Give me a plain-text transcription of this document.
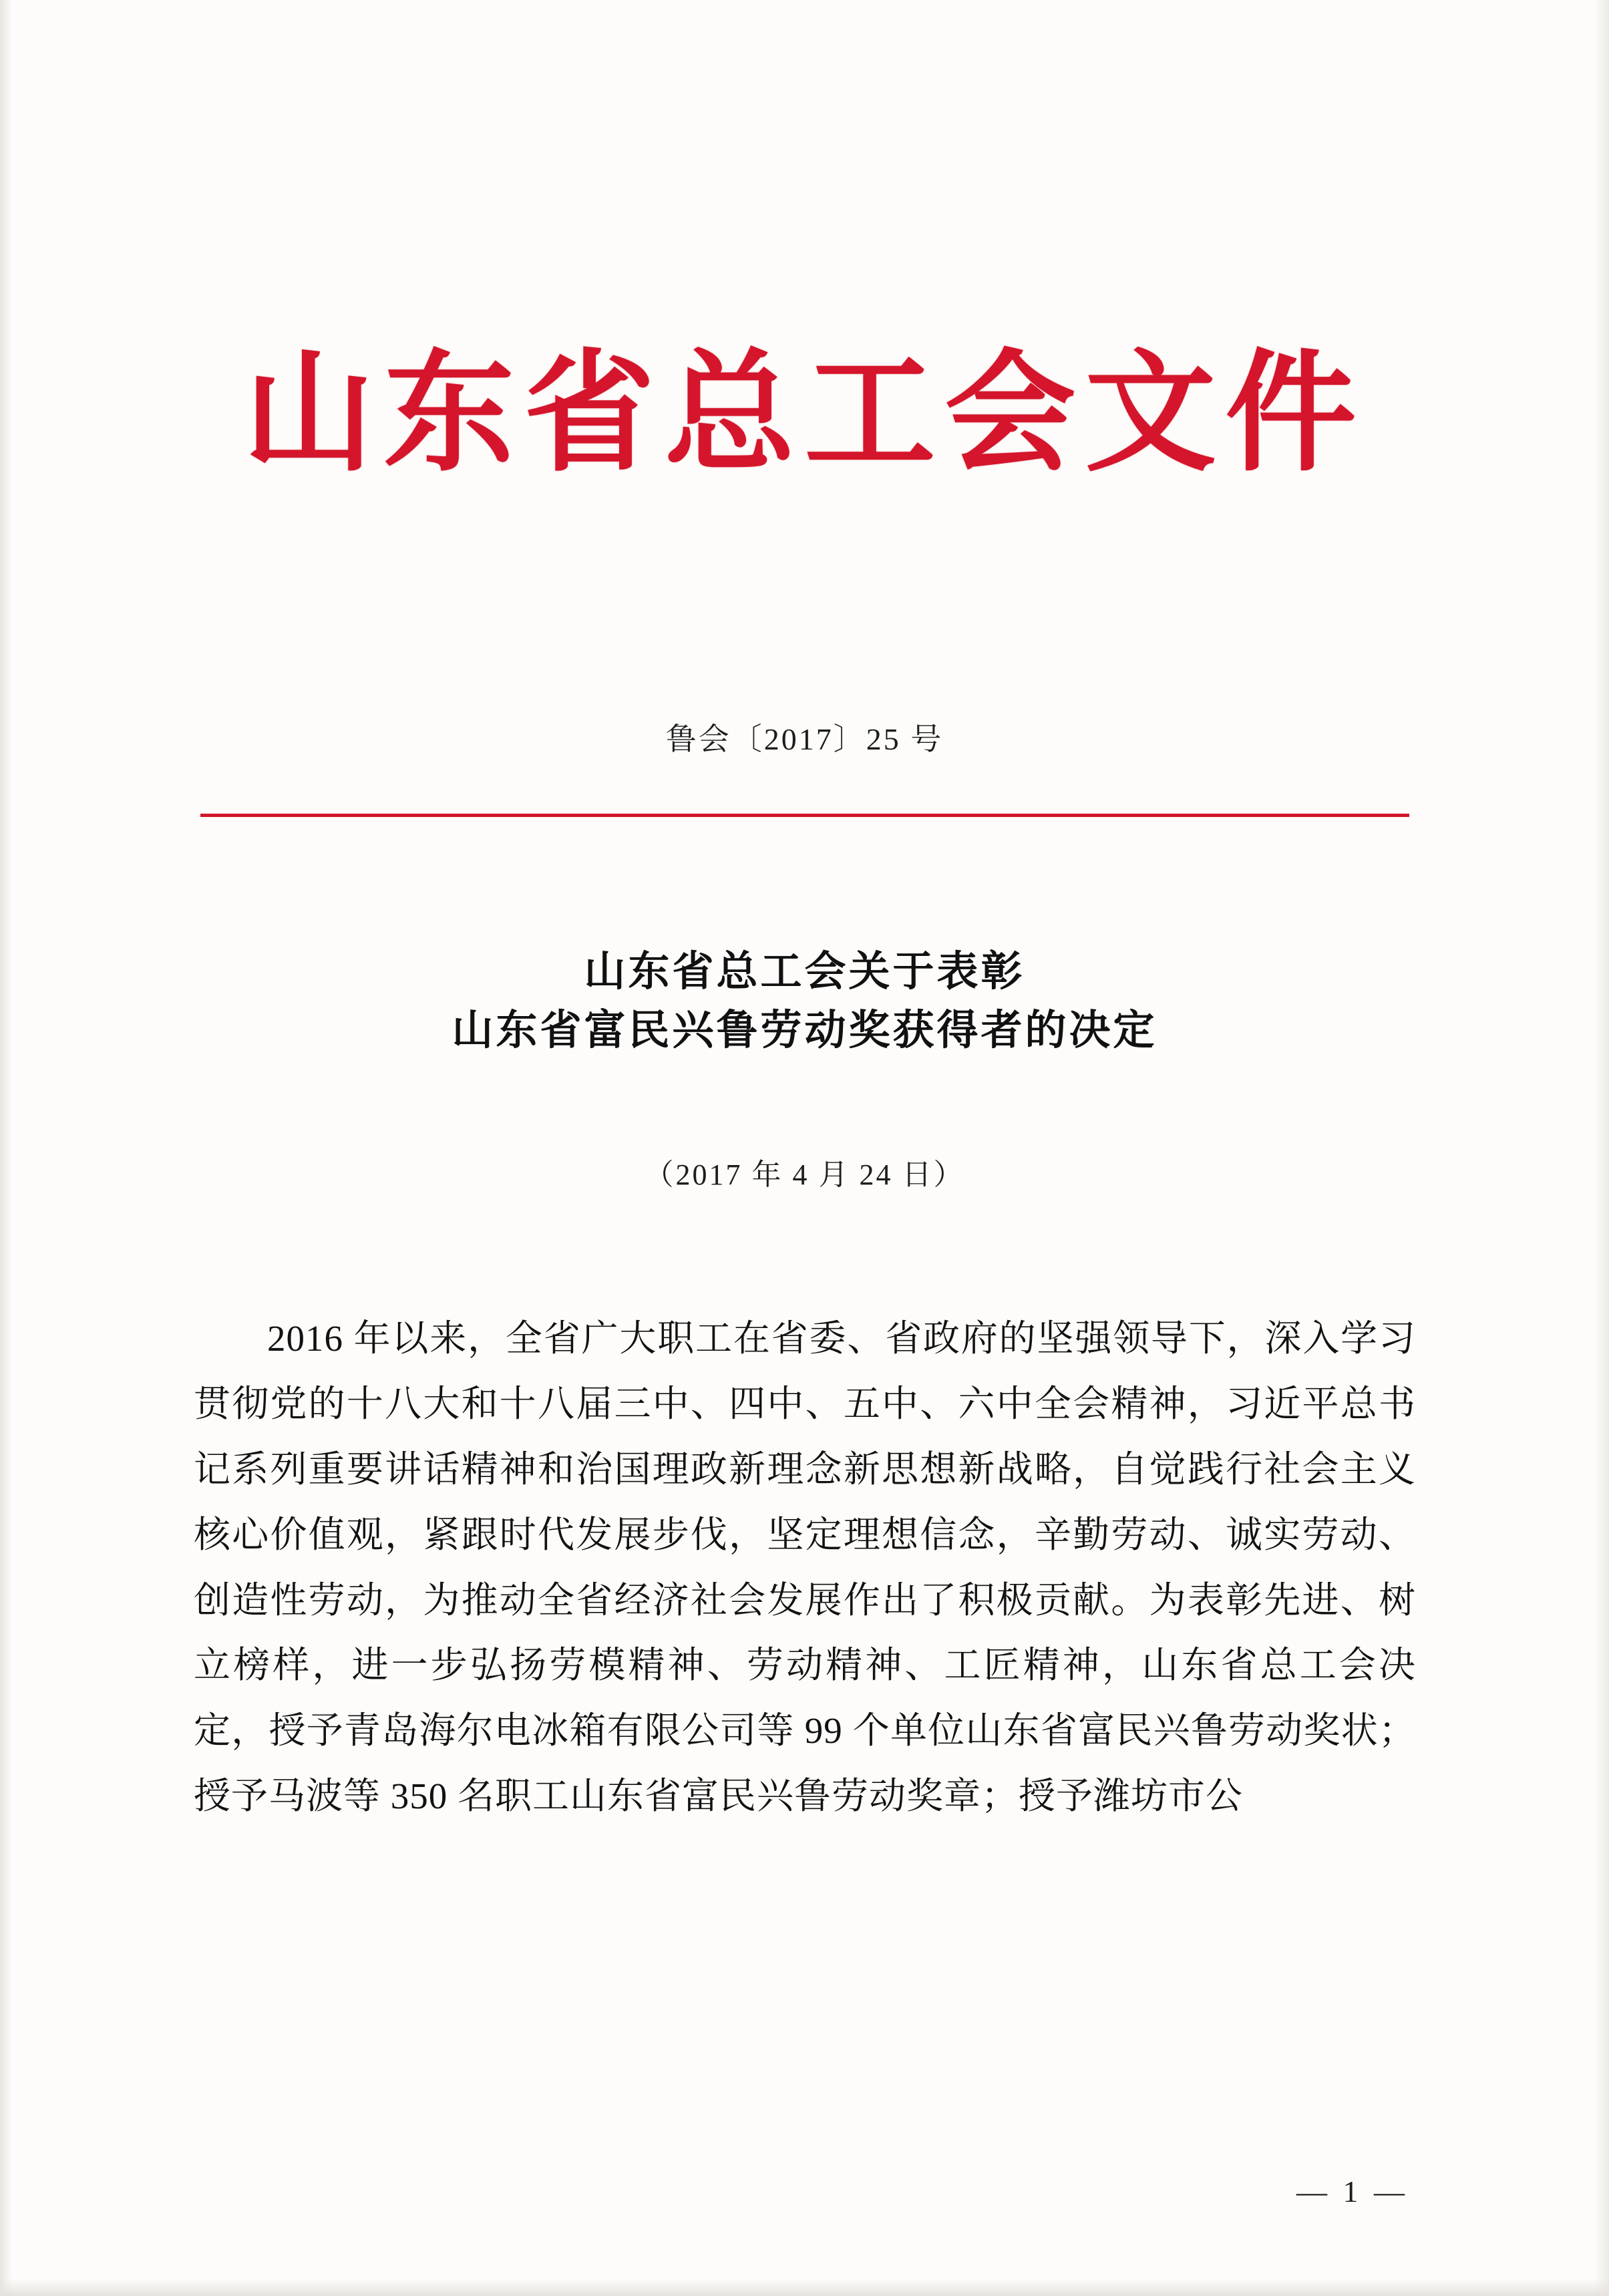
山东省总工会文件
鲁会〔2017〕25 号
山东省总工会关于表彰
山东省富民兴鲁劳动奖获得者的决定
（2017 年 4 月 24 日）

2016 年以来，全省广大职工在省委、省政府的坚强领导下，深入学习贯彻党的十八大和十八届三中、四中、五中、六中全会精神，习近平总书记系列重要讲话精神和治国理政新理念新思想新战略，自觉践行社会主义核心价值观，紧跟时代发展步伐，坚定理想信念，辛勤劳动、诚实劳动、创造性劳动，为推动全省经济社会发展作出了积极贡献。为表彰先进、树立榜样，进一步弘扬劳模精神、劳动精神、工匠精神，山东省总工会决定，授予青岛海尔电冰箱有限公司等 99 个单位山东省富民兴鲁劳动奖状；授予马波等 350 名职工山东省富民兴鲁劳动奖章；授予潍坊市公

— 1 —
